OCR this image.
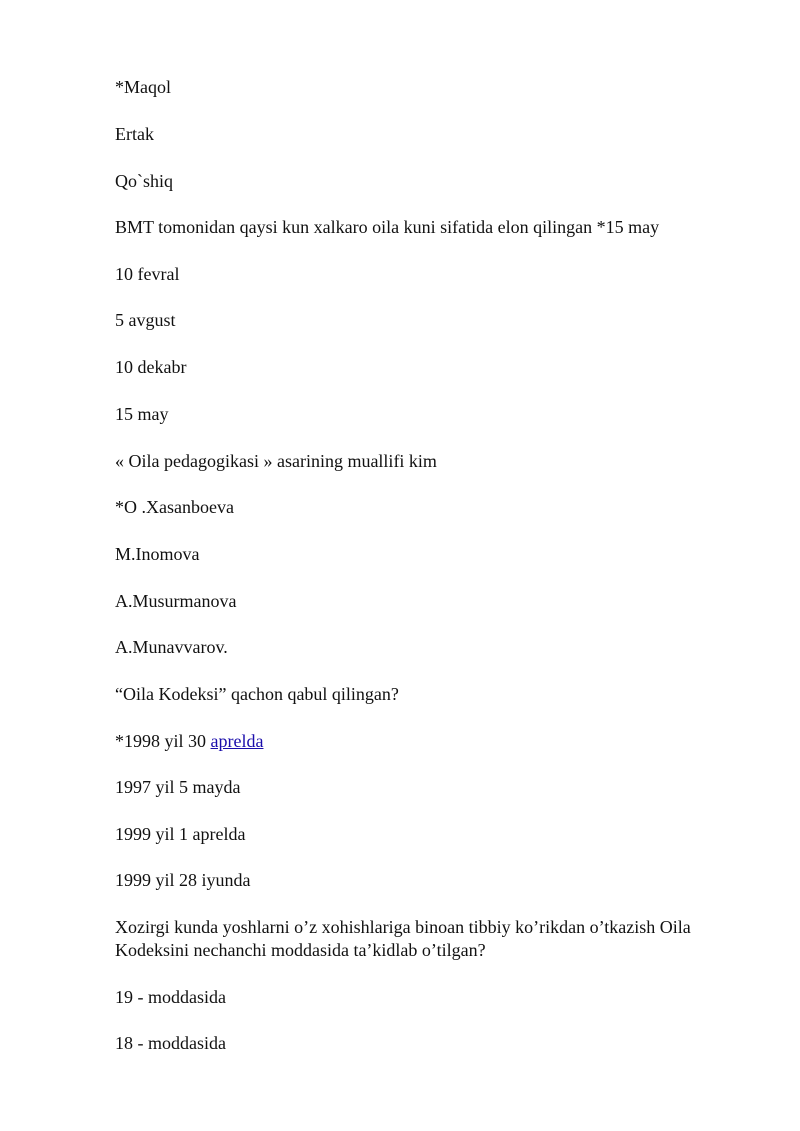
*Maqol

Ertak

Qo`shiq

BMT tomonidan qaysi kun xalkaro oila kuni sifatida elon qilingan *15 may

10 fevral

5 avgust

10 dekabr

15 may

« Oila pedagogikasi » asarining muallifi kim

*O .Xasanboeva

M.Inomova

A.Musurmanova

A.Munavvarov.

“Oila Kodeksi” qachon qabul qilingan?

*1998 yil 30 aprelda

1997 yil 5 mayda

1999 yil 1 aprelda

1999 yil 28 iyunda

Xozirgi kunda yoshlarni o’z xohishlariga binoan tibbiy ko’rikdan o’tkazish Oila Kodeksini nechanchi moddasida ta’kidlab o’tilgan?

19 - moddasida

18 - moddasida
